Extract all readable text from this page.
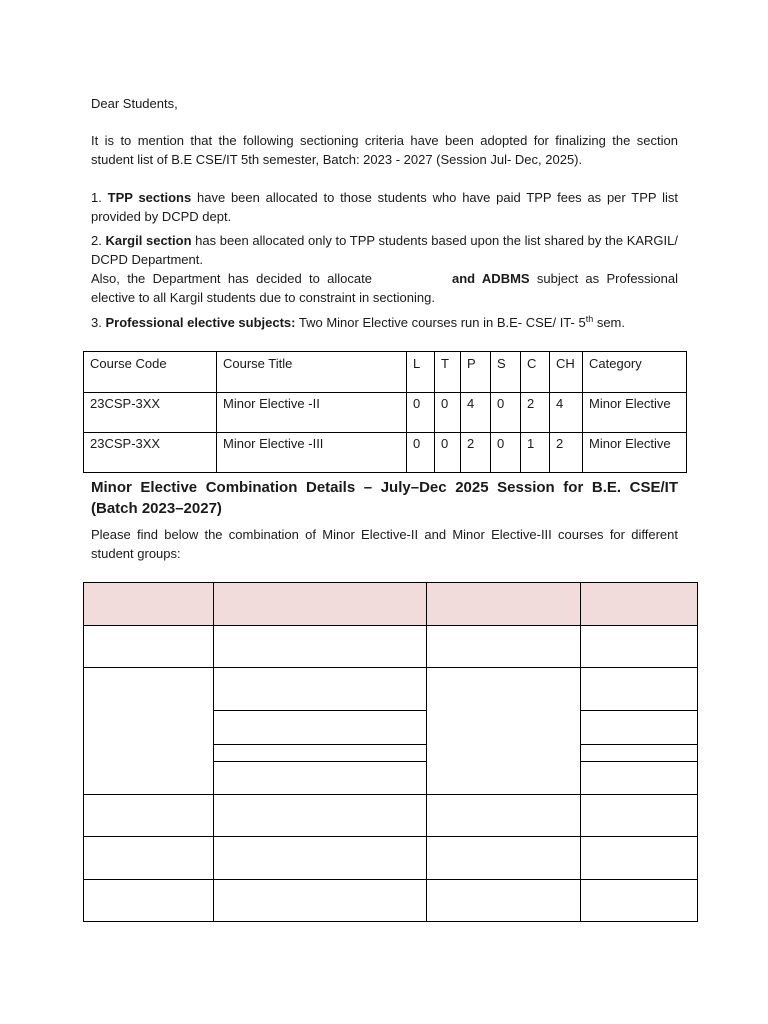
Dear Students,

It is to mention that the following sectioning criteria have been adopted for finalizing the section student list of B.E CSE/IT 5th semester, Batch: 2023 - 2027 (Session Jul- Dec, 2025).

1. TPP sections have been allocated to those students who have paid TPP fees as per TPP list provided by DCPD dept.

2. Kargil section has been allocated only to TPP students based upon the list shared by the KARGIL/ DCPD Department.
Also, the Department has decided to allocate	and ADBMS subject as Professional elective to all Kargil students due to constraint in sectioning.

3. Professional elective subjects: Two Minor Elective courses run in B.E- CSE/ IT- 5th sem.

Course Code	Course Title	L	T	P	S	C	CH	Category
23CSP-3XX	Minor Elective -II	0	0	4	0	2	4	Minor Elective
23CSP-3XX	Minor Elective -III	0	0	2	0	1	2	Minor Elective
Minor Elective Combination Details – July–Dec 2025 Session for B.E. CSE/IT (Batch 2023–2027)

Please find below the combination of Minor Elective-II and Minor Elective-III courses for different student groups:
